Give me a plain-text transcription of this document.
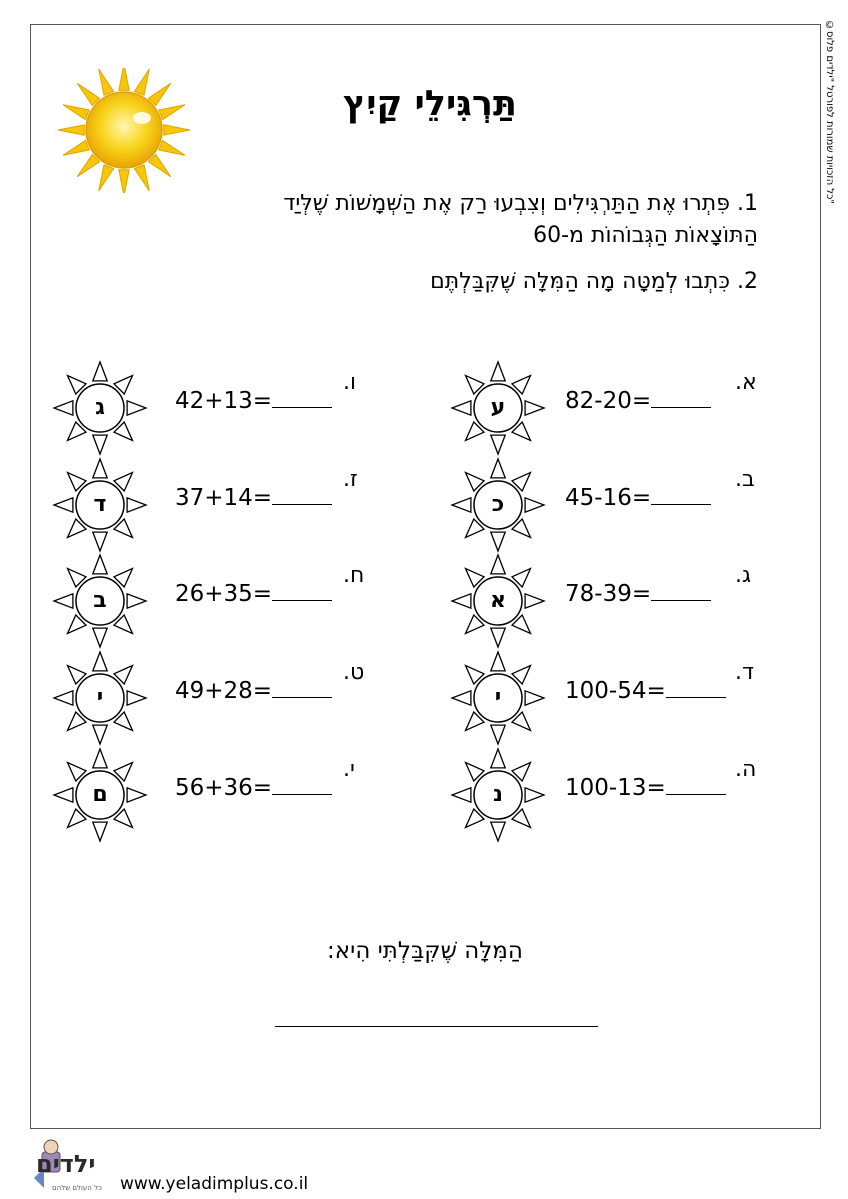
©כל הזכויות שמורות לפורטל "ילדים פלוס"
תַּרְגִּילֵי קַיִץ
1. פִּתְרוּ אֶת הַתַּרְגִּילִים וְצִבְעוּ רַק אֶת הַשְּׁמָשׁוֹת שֶׁלְּיַד
הַתּוֹצָאוֹת הַגְּבוֹהוֹת מ-60
2. כִּתְבוּ לְמַטָּה מָה הַמִּלָּה שֶׁקִּבַּלְתֶּם
א.
82-20=
ע
ב.
45-16=
כ
ג.
78-39=
א
ד.
100-54=
י
ה.
100-13=
נ
ו.
42+13=
ג
ז.
37+14=
ד
ח.
26+35=
ב
ט.
49+28=
י
י.
56+36=
ם
הַמִּלָּה שֶׁקִּבַּלְתִּי הִיא:
ילדים
כל העולם שלהם www.yeladimplus.co.il
